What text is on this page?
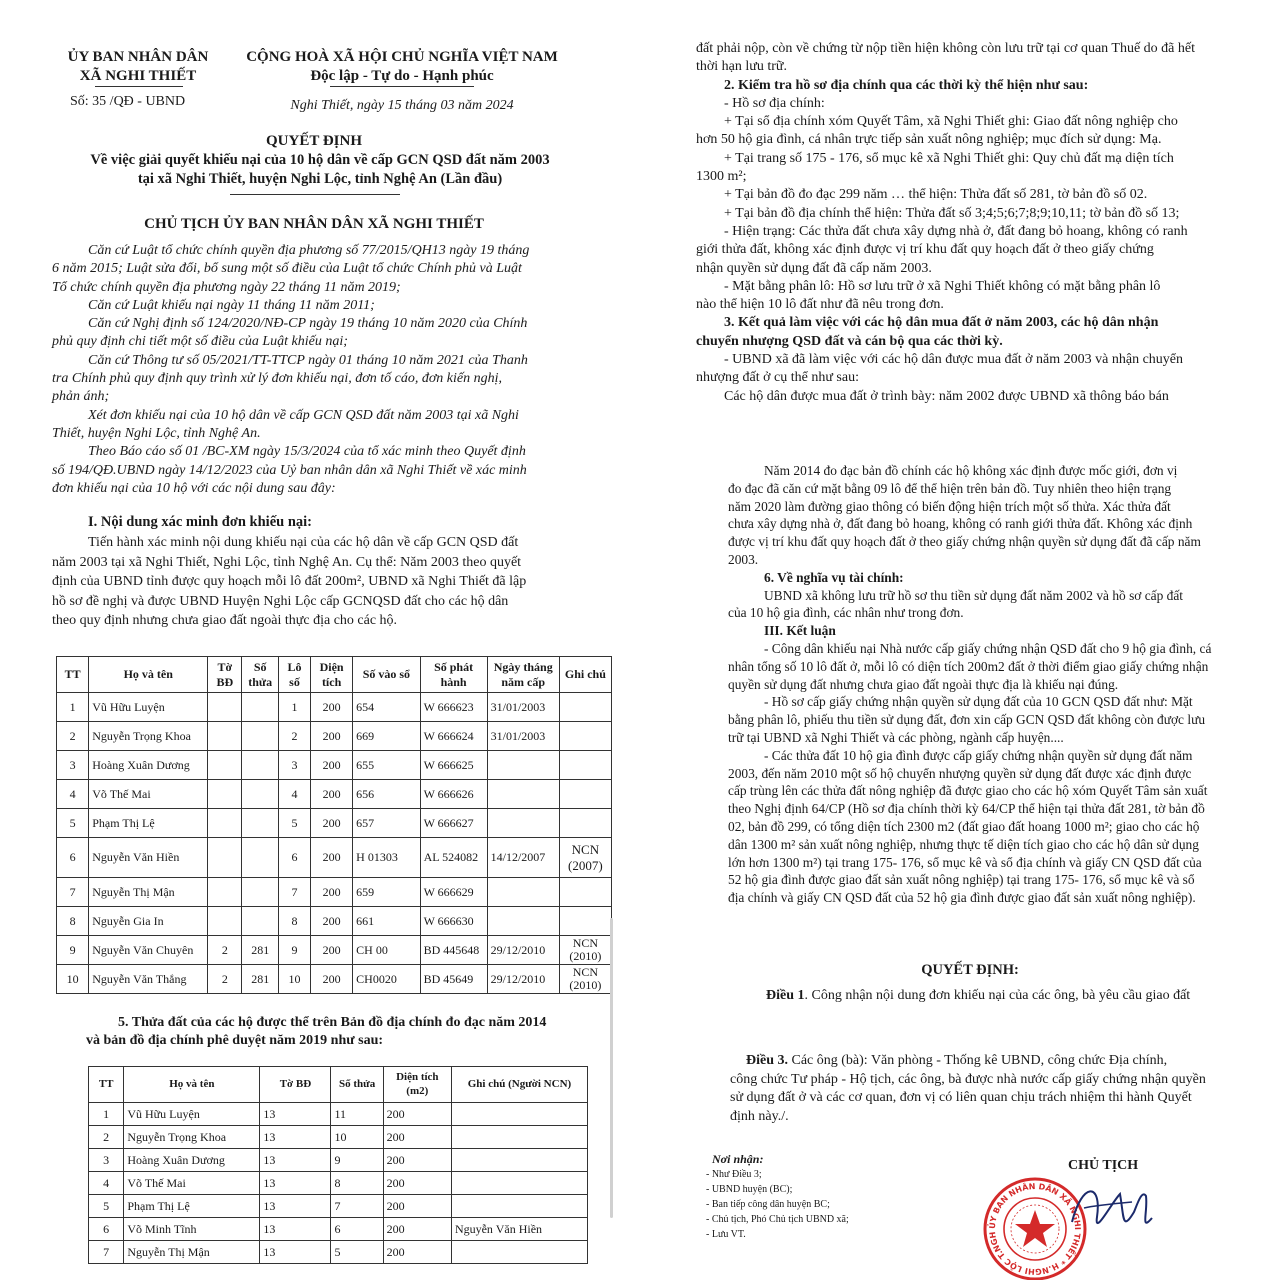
ỦY BAN NHÂN DÂN
XÃ NGHI THIẾT
Số: 35 /QĐ - UBND
CỘNG HOÀ XÃ HỘI CHỦ NGHĨA VIỆT NAM
Độc lập - Tự do - Hạnh phúc
Nghi Thiết, ngày 15 tháng 03 năm 2024
QUYẾT ĐỊNH
Về việc giải quyết khiếu nại của 10 hộ dân về cấp GCN QSD đất năm 2003
tại xã Nghi Thiết, huyện Nghi Lộc, tỉnh Nghệ An (Lần đầu)
CHỦ TỊCH ỦY BAN NHÂN DÂN XÃ NGHI THIẾT

Căn cứ Luật tổ chức chính quyền địa phương số 77/2015/QH13 ngày 19 tháng

6 năm 2015; Luật sửa đổi, bổ sung một số điều của Luật tổ chức Chính phủ và Luật

Tổ chức chính quyền địa phương ngày 22 tháng 11 năm 2019;

Căn cứ Luật khiếu nại ngày 11 tháng 11 năm 2011;

Căn cứ Nghị định số 124/2020/NĐ-CP ngày 19 tháng 10 năm 2020 của Chính

phủ quy định chi tiết một số điều của Luật khiếu nại;

Căn cứ Thông tư số 05/2021/TT-TTCP ngày 01 tháng 10 năm 2021 của Thanh

tra Chính phủ quy định quy trình xử lý đơn khiếu nại, đơn tố cáo, đơn kiến nghị,

phản ánh;

Xét đơn khiếu nại của 10 hộ dân về cấp GCN QSD đất năm 2003 tại xã Nghi

Thiết, huyện Nghi Lộc, tỉnh Nghệ An.

Theo Báo cáo số 01 /BC-XM ngày 15/3/2024 của tổ xác minh theo Quyết định

số 194/QĐ.UBND ngày 14/12/2023 của Uỷ ban nhân dân xã Nghi Thiết về xác minh

đơn khiếu nại của 10 hộ với các nội dung sau đây:

I. Nội dung xác minh đơn khiếu nại:

Tiến hành xác minh nội dung khiếu nại của các hộ dân về cấp GCN QSD đất

năm 2003 tại xã Nghi Thiết, Nghi Lộc, tỉnh Nghệ An. Cụ thể: Năm 2003 theo quyết

định của UBND tỉnh được quy hoạch mỗi lô đất 200m², UBND xã Nghi Thiết đã lập

hồ sơ đề nghị và được UBND Huyện Nghi Lộc cấp GCNQSD đất cho các hộ dân

theo quy định nhưng chưa giao đất ngoài thực địa cho các hộ.

TT	Họ và tên	Tờ BĐ	Số thửa	Lô số	Diện tích	Số vào sổ	Số phát hành	Ngày tháng năm cấp	Ghi chú
1	Vũ Hữu Luyện			1	200	654	W 666623	31/01/2003	
2	Nguyễn Trọng Khoa			2	200	669	W 666624	31/01/2003	
3	Hoàng Xuân Dương			3	200	655	W 666625		
4	Võ Thế Mai			4	200	656	W 666626		
5	Phạm Thị Lệ			5	200	657	W 666627		
6	Nguyễn Văn Hiền			6	200	H 01303	AL 524082	14/12/2007	NCN (2007)
7	Nguyễn Thị Mận			7	200	659	W 666629		
8	Nguyễn Gia In			8	200	661	W 666630		
9	Nguyễn Văn Chuyên	2	281	9	200	CH 00	BD 445648	29/12/2010	NCN (2010)
10	Nguyễn Văn Thắng	2	281	10	200	CH0020	BD 45649	29/12/2010	NCN (2010)
5. Thửa đất của các hộ được thể trên Bản đồ địa chính đo đạc năm 2014
và bản đồ địa chính phê duyệt năm 2019 như sau:
TT	Họ và tên	Tờ BĐ	Số thửa	Diện tích (m2)	Ghi chú (Người NCN)
1	Vũ Hữu Luyện	13	11	200	
2	Nguyễn Trọng Khoa	13	10	200	
3	Hoàng Xuân Dương	13	9	200	
4	Võ Thế Mai	13	8	200	
5	Phạm Thị Lệ	13	7	200	
6	Võ Minh Tĩnh	13	6	200	Nguyễn Văn Hiền
7	Nguyễn Thị Mận	13	5	200	

đất phải nộp, còn về chứng từ nộp tiền hiện không còn lưu trữ tại cơ quan Thuế do đã hết

thời hạn lưu trữ.

2. Kiểm tra hồ sơ địa chính qua các thời kỳ thể hiện như sau:

- Hồ sơ địa chính:

+ Tại sổ địa chính xóm Quyết Tâm, xã Nghi Thiết ghi: Giao đất nông nghiệp cho

hơn 50 hộ gia đình, cá nhân trực tiếp sản xuất nông nghiệp; mục đích sử dụng: Mạ.

+ Tại trang số 175 - 176, sổ mục kê xã Nghi Thiết ghi: Quy chủ đất mạ diện tích

1300 m²;

+ Tại bản đồ đo đạc 299 năm … thể hiện: Thửa đất số 281, tờ bản đồ số 02.

+ Tại bản đồ địa chính thể hiện: Thửa đất số 3;4;5;6;7;8;9;10,11; tờ bản đồ số 13;

- Hiện trạng: Các thửa đất chưa xây dựng nhà ở, đất đang bỏ hoang, không có ranh

giới thửa đất, không xác định được vị trí khu đất quy hoạch đất ở theo giấy chứng

nhận quyền sử dụng đất đã cấp năm 2003.

- Mặt bằng phân lô: Hồ sơ lưu trữ ở xã Nghi Thiết không có mặt bằng phân lô

nào thể hiện 10 lô đất như đã nêu trong đơn.

3. Kết quả làm việc với các hộ dân mua đất ở năm 2003, các hộ dân nhận

chuyển nhượng QSD đất và cán bộ qua các thời kỳ.

- UBND xã đã làm việc với các hộ dân được mua đất ở năm 2003 và nhận chuyển

nhượng đất ở cụ thể như sau:

Các hộ dân được mua đất ở trình bày: năm 2002 được UBND xã thông báo bán

Năm 2014 đo đạc bản đồ chính các hộ không xác định được mốc giới, đơn vị

đo đạc đã căn cứ mặt bằng 09 lô để thể hiện trên bản đồ. Tuy nhiên theo hiện trạng

năm 2020 làm đường giao thông có biến động hiện trích một số thửa. Xác thửa đất

chưa xây dựng nhà ở, đất đang bỏ hoang, không có ranh giới thửa đất. Không xác định

được vị trí khu đất quy hoạch đất ở theo giấy chứng nhận quyền sử dụng đất đã cấp năm

2003.

6. Về nghĩa vụ tài chính:

UBND xã không lưu trữ hồ sơ thu tiền sử dụng đất năm 2002 và hồ sơ cấp đất

của 10 hộ gia đình, các nhân như trong đơn.

III. Kết luận

- Công dân khiếu nại Nhà nước cấp giấy chứng nhận QSD đất cho 9 hộ gia đình, cá

nhân tổng số 10 lô đất ở, mỗi lô có diện tích 200m2 đất ở thời điểm giao giấy chứng nhận

quyền sử dụng đất nhưng chưa giao đất ngoài thực địa là khiếu nại đúng.

- Hồ sơ cấp giấy chứng nhận quyền sử dụng đất của 10 GCN QSD đất như: Mặt

bằng phân lô, phiếu thu tiền sử dụng đất, đơn xin cấp GCN QSD đất không còn được lưu

trữ tại UBND xã Nghi Thiết và các phòng, ngành cấp huyện....

- Các thửa đất 10 hộ gia đình được cấp giấy chứng nhận quyền sử dụng đất năm

2003, đến năm 2010 một số hộ chuyển nhượng quyền sử dụng đất được xác định được

cấp trùng lên các thửa đất nông nghiệp đã được giao cho các hộ xóm Quyết Tâm sản xuất

theo Nghị định 64/CP (Hồ sơ địa chính thời kỳ 64/CP thể hiện tại thửa đất 281, tờ bản đồ

02, bản đồ 299, có tổng diện tích 2300 m2 (đất giao đất hoang 1000 m²; giao cho các hộ

dân 1300 m² sản xuất nông nghiệp, nhưng thực tế diện tích giao cho các hộ dân sử dụng

lớn hơn 1300 m²) tại trang 175- 176, sổ mục kê và sổ địa chính và giấy CN QSD đất của

52 hộ gia đình được giao đất sản xuất nông nghiệp) tại trang 175- 176, sổ mục kê và sổ

địa chính và giấy CN QSD đất của 52 hộ gia đình được giao đất sản xuất nông nghiệp).

QUYẾT ĐỊNH:
Điều 1. Công nhận nội dung đơn khiếu nại của các ông, bà yêu cầu giao đất

Điều 3. Các ông (bà): Văn phòng - Thống kê UBND, công chức Địa chính,

công chức Tư pháp - Hộ tịch, các ông, bà được nhà nước cấp giấy chứng nhận quyền

sử dụng đất ở và các cơ quan, đơn vị có liên quan chịu trách nhiệm thi hành Quyết

định này./.

Nơi nhận:
- Như Điều 3;
- UBND huyện (BC);
- Ban tiếp công dân huyện BC;
- Chủ tịch, Phó Chủ tịch UBND xã;
- Lưu VT.
CHỦ TỊCH
ỦY BAN NHÂN DÂN XÃ NGHI THIẾT * H.NGHI LỘC T.NGH
